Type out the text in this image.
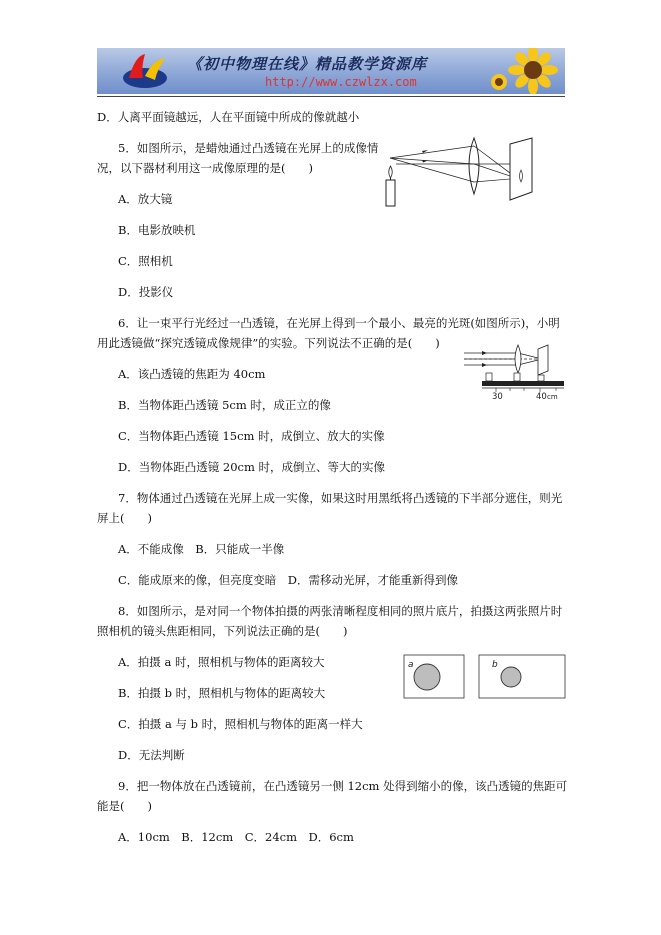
《初中物理在线》精品教学资源库
http://www.czwlzx.com
D．人离平面镜越远，人在平面镜中所成的像就越小
5．如图所示，是蜡烛通过凸透镜在光屏上的成像情
况，以下器材利用这一成像原理的是(　　)
A．放大镜
B．电影放映机
C．照相机
D．投影仪
6．让一束平行光经过一凸透镜，在光屏上得到一个最小、最亮的光斑(如图所示)，小明
用此透镜做“探究透镜成像规律”的实验。下列说法不正确的是(　　)
A．该凸透镜的焦距为 40cm
B．当物体距凸透镜 5cm 时，成正立的像
C．当物体距凸透镜 15cm 时，成倒立、放大的实像
D．当物体距凸透镜 20cm 时，成倒立、等大的实像
7．物体通过凸透镜在光屏上成一实像，如果这时用黑纸将凸透镜的下半部分遮住，则光
屏上(　　)
A．不能成像　B．只能成一半像
C．能成原来的像，但亮度变暗　D．需移动光屏，才能重新得到像
8．如图所示，是对同一个物体拍摄的两张清晰程度相同的照片底片，拍摄这两张照片时
照相机的镜头焦距相同，下列说法正确的是(　　)
A．拍摄 a 时，照相机与物体的距离较大
B．拍摄 b 时，照相机与物体的距离较大
C．拍摄 a 与 b 时，照相机与物体的距离一样大
D．无法判断
9．把一物体放在凸透镜前，在凸透镜另一侧 12cm 处得到缩小的像，该凸透镜的焦距可
能是(　　)
A．10cm　B．12cm　C．24cm　D．6cm
30	40 cm
a	b
